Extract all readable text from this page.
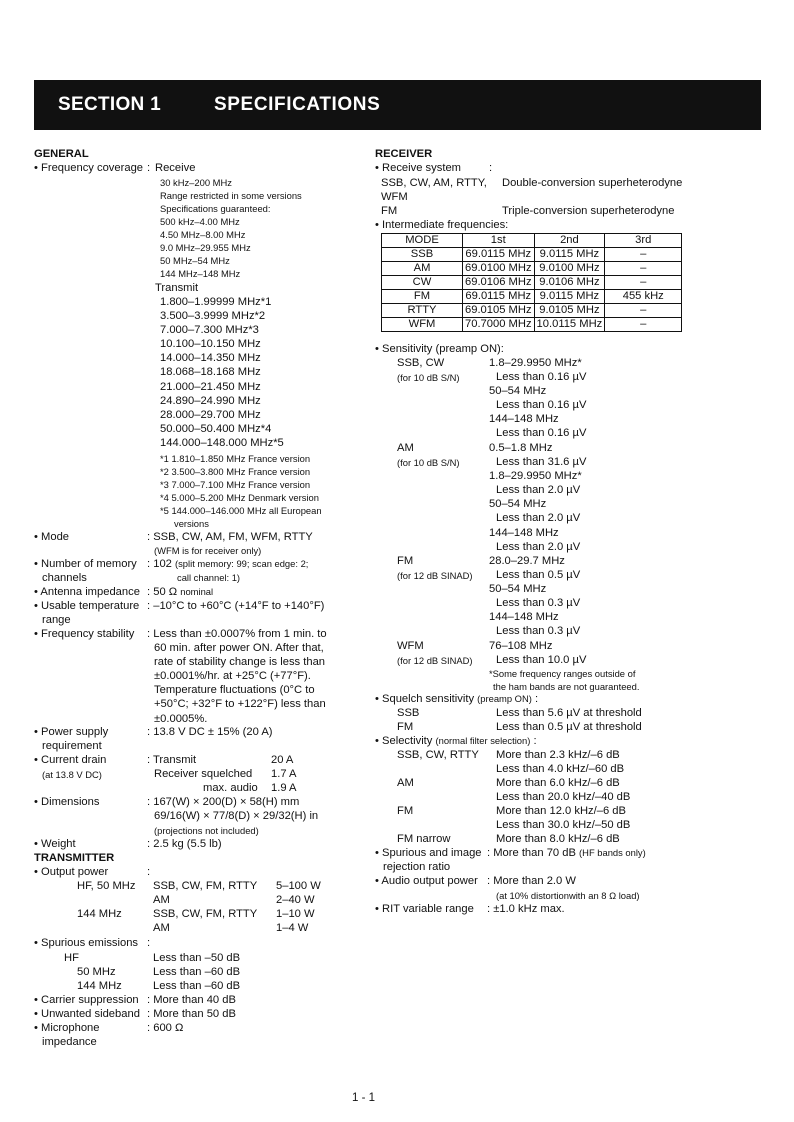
SECTION 1	SPECIFICATIONS
GENERAL
• Frequency coverage : Receive
30 kHz–200 MHz
Range restricted in some versions
Specifications guaranteed:
500 kHz–4.00 MHz
4.50 MHz–8.00 MHz
9.0 MHz–29.955 MHz
50 MHz–54 MHz
144 MHz–148 MHz
Transmit
1.800–1.99999 MHz*1
3.500–3.9999 MHz*2
7.000–7.300 MHz*3
10.100–10.150 MHz
14.000–14.350 MHz
18.068–18.168 MHz
21.000–21.450 MHz
24.890–24.990 MHz
28.000–29.700 MHz
50.000–50.400 MHz*4
144.000–148.000 MHz*5
*1 1.810–1.850 MHz France version
*2 3.500–3.800 MHz France version
*3 7.000–7.100 MHz France version
*4 5.000–5.200 MHz Denmark version
*5 144.000–146.000 MHz all European
versions
• Mode	: SSB, CW, AM, FM, WFM, RTTY
(WFM is for receiver only)
• Number of memory
channels
: 102 (split memory: 99; scan edge: 2;
call channel: 1)
• Antenna impedance : 50 Ω nominal
• Usable temperature
range
: –10°C to +60°C (+14°F to +140°F)
• Frequency stability : Less than ±0.0007% from 1 min. to
60 min. after power ON. After that,
rate of stability change is less than
±0.0001%/hr. at +25°C (+77°F).
Temperature fluctuations (0°C to
+50°C; +32°F to +122°F) less than
±0.0005%.
• Power supply
requirement
: 13.8 V DC ± 15% (20 A)
• Current drain
(at 13.8 V DC)
: Transmit	20 A
Receiver squelched 1.7 A
max. audio 1.9 A
• Dimensions	: 167(W) × 200(D) × 58(H) mm
69/16(W) × 77/8(D) × 29/32(H) in
(projections not included)
• Weight	: 2.5 kg (5.5 lb)
TRANSMITTER
• Output power	:
HF, 50 MHz SSB, CW, FM, RTTY 5–100 W
AM	2–40 W
144 MHz	SSB, CW, FM, RTTY 1–10 W
AM	1–4 W
• Spurious emissions :
HF	Less than –50 dB
50 MHz	Less than –60 dB
144 MHz	Less than –60 dB
• Carrier suppression : More than 40 dB
• Unwanted sideband : More than 50 dB
• Microphone
impedance
: 600 Ω
RECEIVER
• Receive system	:
SSB, CW, AM, RTTY, Double-conversion superheterodyne
WFM
FM	Triple-conversion superheterodyne
• Intermediate frequencies:
MODE	1st	2nd	3rd
SSB	69.0115 MHz	9.0115 MHz	–
AM	69.0100 MHz	9.0100 MHz	–
CW	69.0106 MHz	9.0106 MHz	–
FM	69.0115 MHz	9.0115 MHz	455 kHz
RTTY	69.0105 MHz	9.0105 MHz	–
WFM	70.7000 MHz	10.0115 MHz	–
• Sensitivity (preamp ON):
SSB, CW
(for 10 dB S/N)
1.8–29.9950 MHz*
Less than 0.16 µV
50–54 MHz
Less than 0.16 µV
144–148 MHz
Less than 0.16 µV
AM
(for 10 dB S/N)
0.5–1.8 MHz
Less than 31.6 µV
1.8–29.9950 MHz*
Less than 2.0 µV
50–54 MHz
Less than 2.0 µV
144–148 MHz
Less than 2.0 µV
FM
(for 12 dB SINAD)
28.0–29.7 MHz
Less than 0.5 µV
50–54 MHz
Less than 0.3 µV
144–148 MHz
Less than 0.3 µV
WFM
(for 12 dB SINAD)
76–108 MHz
Less than 10.0 µV
*Some frequency ranges outside of
the ham bands are not guaranteed.
• Squelch sensitivity (preamp ON) :
SSB	Less than 5.6 µV at threshold
FM	Less than 0.5 µV at threshold
• Selectivity (normal filter selection) :
SSB, CW, RTTY More than 2.3 kHz/–6 dB
Less than 4.0 kHz/–60 dB
AM	More than 6.0 kHz/–6 dB
Less than 20.0 kHz/–40 dB
FM	More than 12.0 kHz/–6 dB
Less than 30.0 kHz/–50 dB
FM narrow	More than 8.0 kHz/–6 dB
• Spurious and image
rejection ratio
: More than 70 dB (HF bands only)
• Audio output power : More than 2.0 W
(at 10% distortionwith an 8 Ω load)
• RIT variable range : ±1.0 kHz max.
1 - 1
